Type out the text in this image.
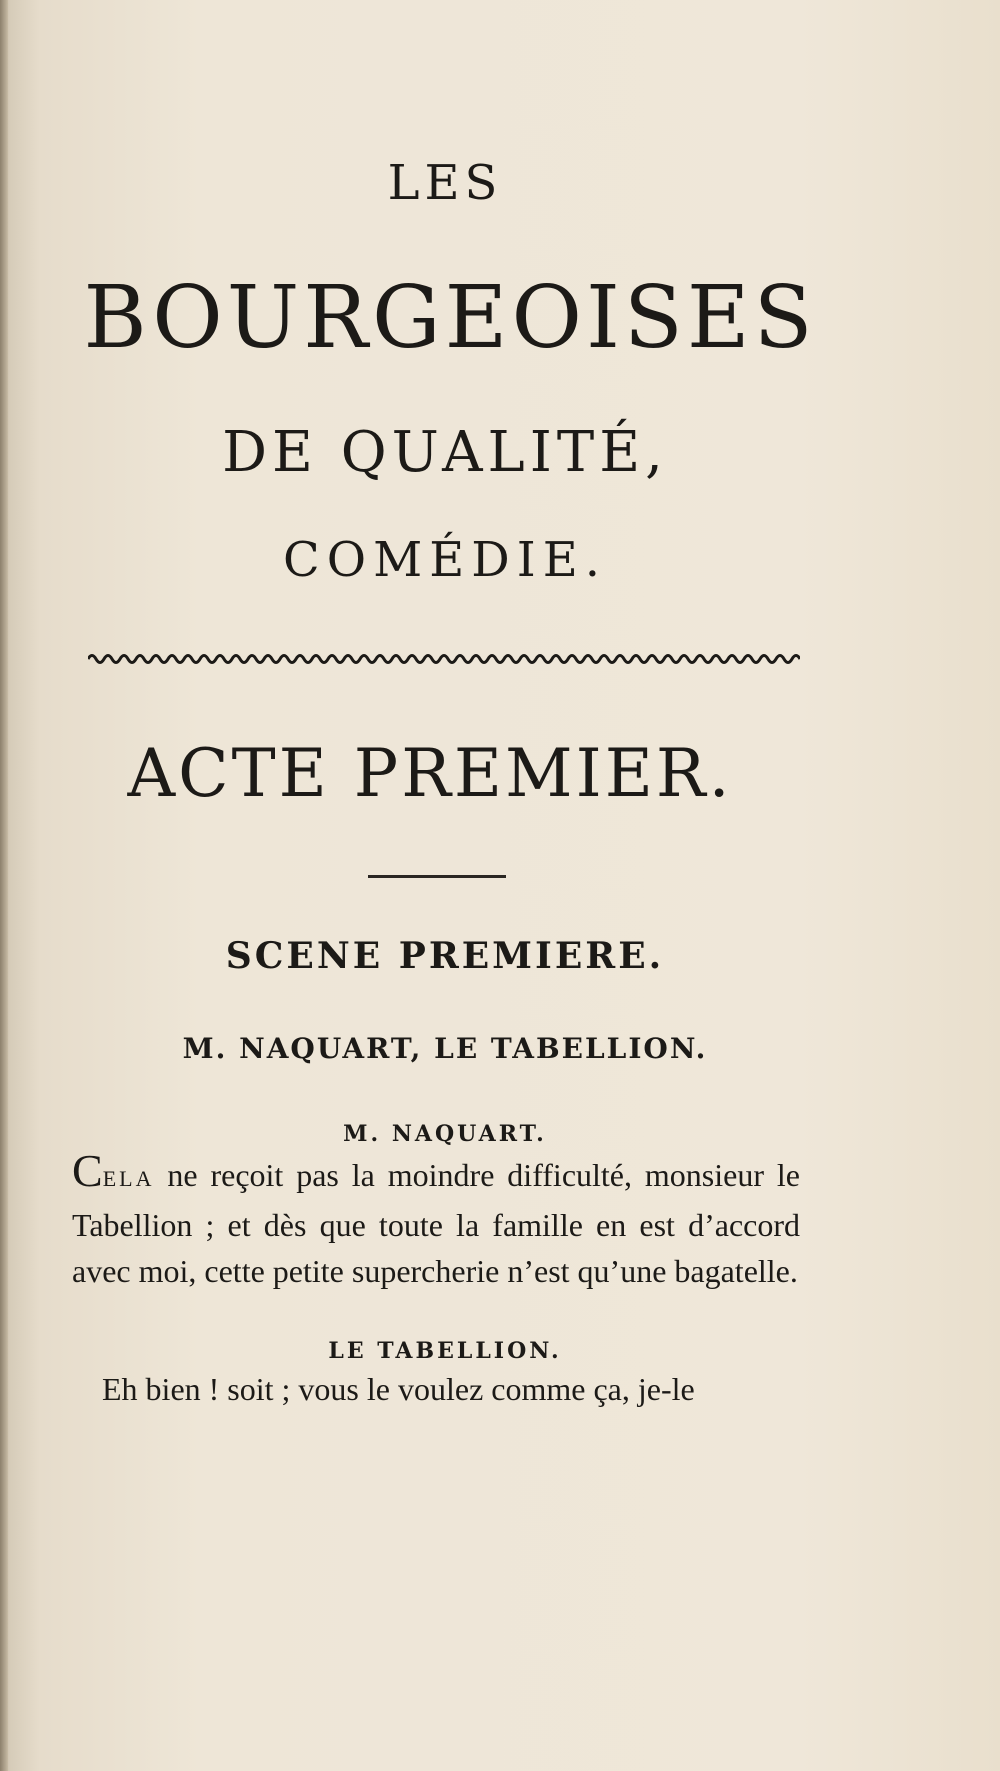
LES
BOURGEOISES
DE QUALITÉ,
COMÉDIE.
ACTE PREMIER.
SCENE PREMIERE.
M. NAQUART, LE TABELLION.
M. NAQUART.
CELA ne reçoit pas la moindre difficulté, monsieur le Tabellion ; et dès que toute la famille en est d’accord avec moi, cette petite supercherie n’est qu’une bagatelle.
LE TABELLION.
Eh bien ! soit ; vous le voulez comme ça, je-le
